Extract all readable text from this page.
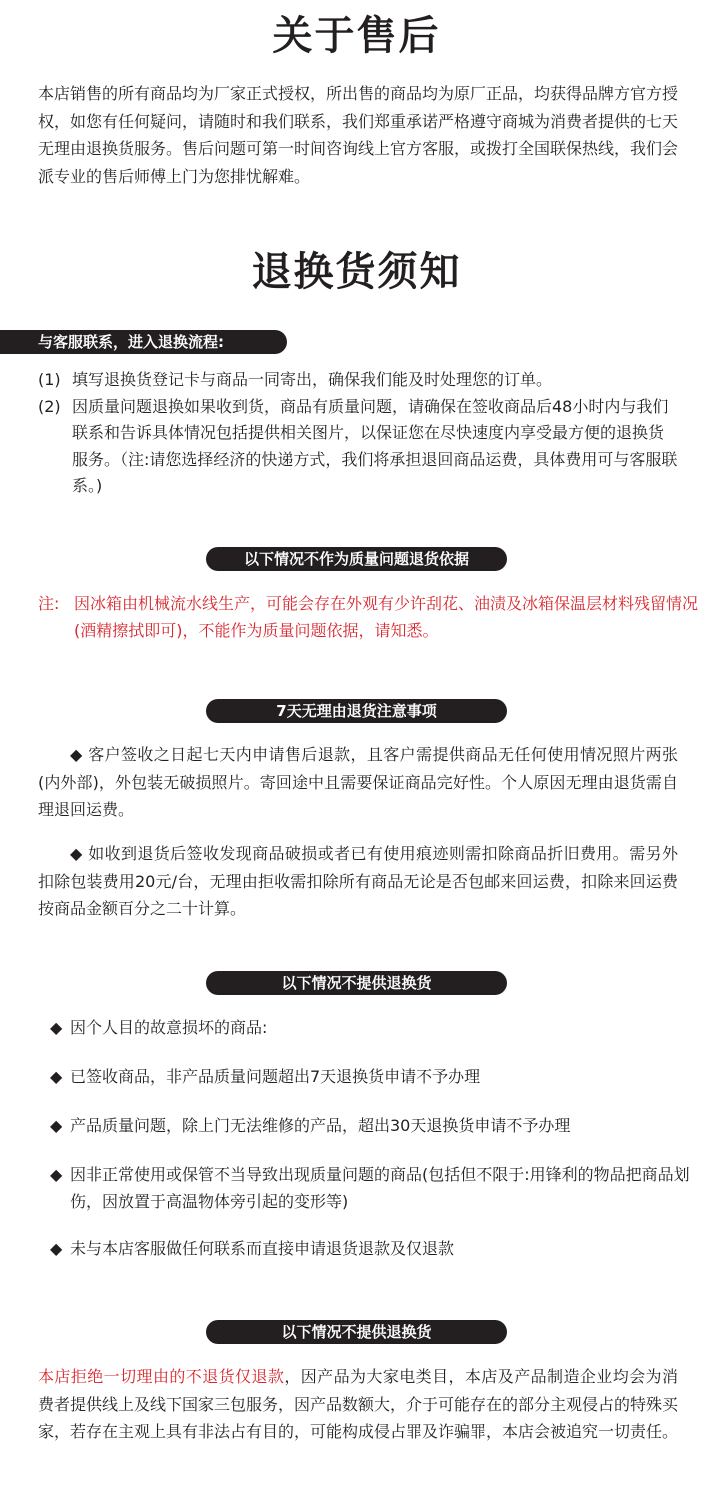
关于售后

本店销售的所有商品均为厂家正式授权，所出售的商品均为原厂正品，均获得品牌方官方授权，如您有任何疑问，请随时和我们联系，我们郑重承诺严格遵守商城为消费者提供的七天无理由退换货服务。售后问题可第一时间咨询线上官方客服，或拨打全国联保热线，我们会派专业的售后师傅上门为您排忧解难。

退换货须知
与客服联系，进入退换流程:
(1) 填写退换货登记卡与商品一同寄出，确保我们能及时处理您的订单。
(2) 因质量问题退换如果收到货，商品有质量问题，请确保在签收商品后48小时内与我们联系和告诉具体情况包括提供相关图片，以保证您在尽快速度内享受最方便的退换货服务。（注:请您选择经济的快递方式，我们将承担退回商品运费，具体费用可与客服联系。)
以下情况不作为质量问题退货依据

注: 因冰箱由机械流水线生产，可能会存在外观有少许刮花、油渍及冰箱保温层材料残留情况(酒精擦拭即可)，不能作为质量问题依据，请知悉。

7天无理由退货注意事项

◆ 客户签收之日起七天内申请售后退款，且客户需提供商品无任何使用情况照片两张(内外部)，外包装无破损照片。寄回途中且需要保证商品完好性。个人原因无理由退货需自理退回运费。

◆ 如收到退货后签收发现商品破损或者已有使用痕迹则需扣除商品折旧费用。需另外扣除包装费用20元/台，无理由拒收需扣除所有商品无论是否包邮来回运费，扣除来回运费按商品金额百分之二十计算。

以下情况不提供退换货

◆ 因个人目的故意损坏的商品:

◆ 已签收商品，非产品质量问题超出7天退换货申请不予办理

◆ 产品质量问题，除上门无法维修的产品，超出30天退换货申请不予办理

◆ 因非正常使用或保管不当导致出现质量问题的商品(包括但不限于:用锋利的物品把商品划伤，因放置于高温物体旁引起的变形等)

◆ 未与本店客服做任何联系而直接申请退货退款及仅退款

以下情况不提供退换货

本店拒绝一切理由的不退货仅退款，因产品为大家电类目，本店及产品制造企业均会为消费者提供线上及线下国家三包服务，因产品数额大，介于可能存在的部分主观侵占的特殊买家，若存在主观上具有非法占有目的，可能构成侵占罪及诈骗罪，本店会被追究一切责任。
